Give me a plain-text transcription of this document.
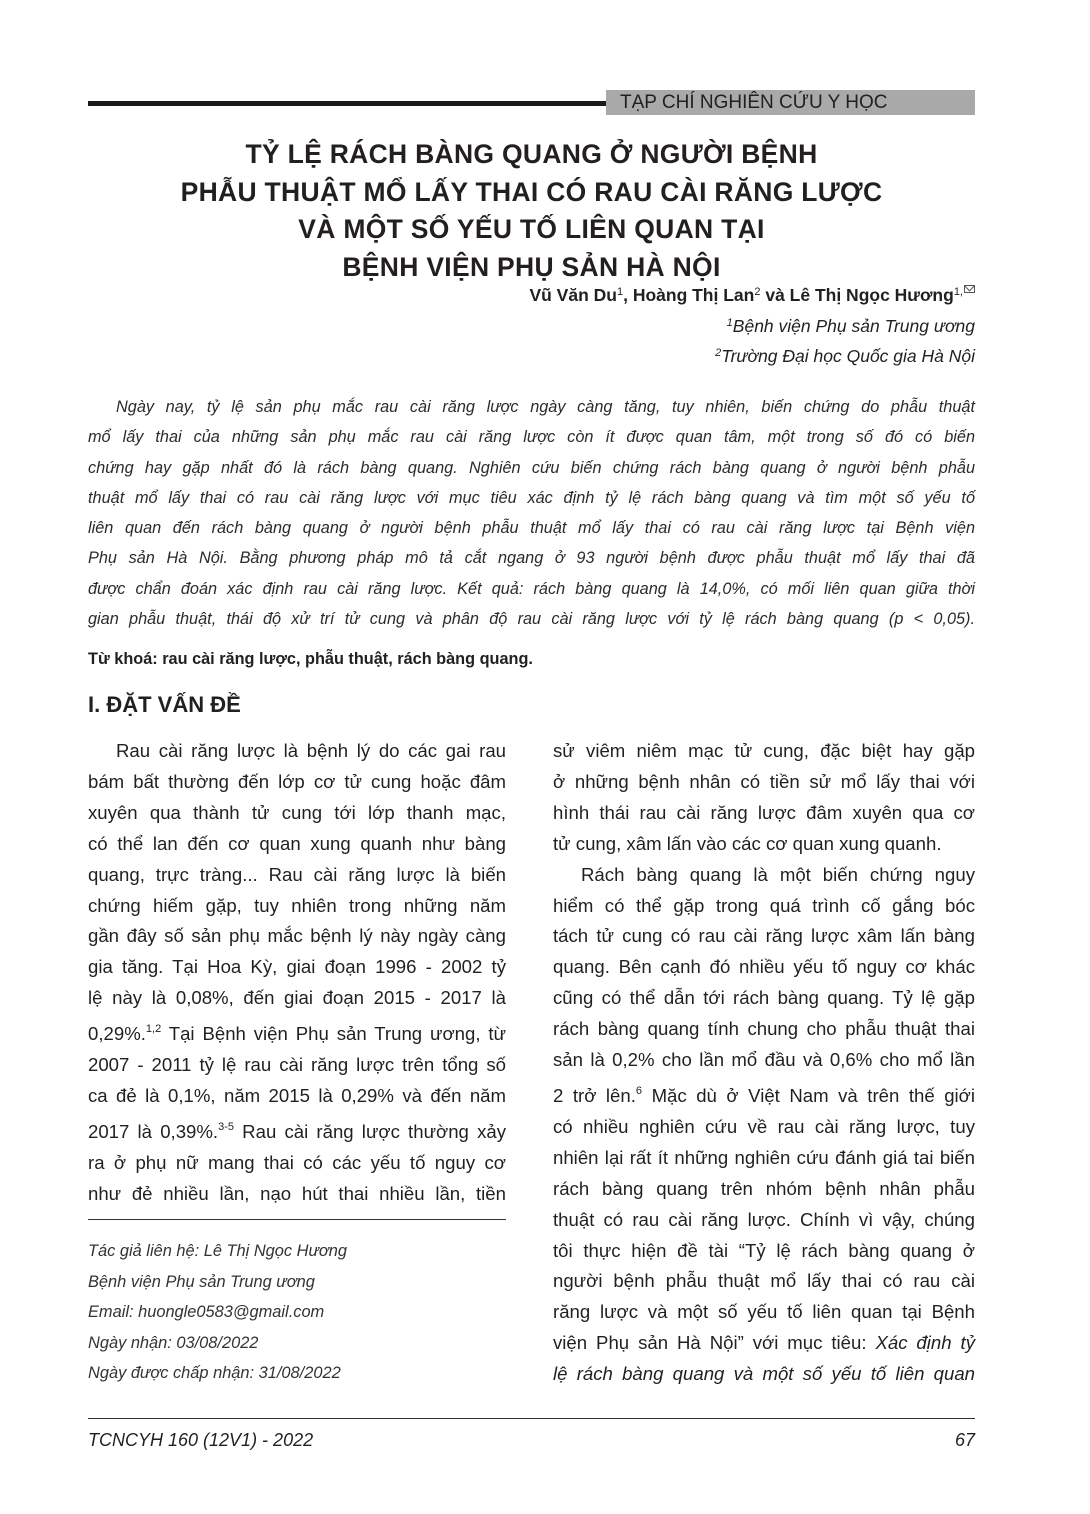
TẠP CHÍ NGHIÊN CỨU Y HỌC
TỶ LỆ RÁCH BÀNG QUANG Ở NGƯỜI BỆNH
PHẪU THUẬT MỔ LẤY THAI CÓ RAU CÀI RĂNG LƯỢC
VÀ MỘT SỐ YẾU TỐ LIÊN QUAN TẠI
BỆNH VIỆN PHỤ SẢN HÀ NỘI
Vũ Văn Du$^1$, Hoàng Thị Lan$^2$ và Lê Thị Ngọc Hương$^{1,}$
$^1$Bệnh viện Phụ sản Trung ương
$^2$Trường Đại học Quốc gia Hà Nội
Ngày nay, tỷ lệ sản phụ mắc rau cài răng lược ngày càng tăng, tuy nhiên, biến chứng do phẫu thuật
mổ lấy thai của những sản phụ mắc rau cài răng lược còn ít được quan tâm, một trong số đó có biến
chứng hay gặp nhất đó là rách bàng quang. Nghiên cứu biến chứng rách bàng quang ở người bệnh phẫu
thuật mổ lấy thai có rau cài răng lược với mục tiêu xác định tỷ lệ rách bàng quang và tìm một số yếu tố
liên quan đến rách bàng quang ở người bệnh phẫu thuật mổ lấy thai có rau cài răng lược tại Bệnh viện
Phụ sản Hà Nội. Bằng phương pháp mô tả cắt ngang ở 93 người bệnh được phẫu thuật mổ lấy thai đã
được chẩn đoán xác định rau cài răng lược. Kết quả: rách bàng quang là 14,0%, có mối liên quan giữa thời
gian phẫu thuật, thái độ xử trí tử cung và phân độ rau cài răng lược với tỷ lệ rách bàng quang (p < 0,05).
Từ khoá: rau cài răng lược, phẫu thuật, rách bàng quang.
I. ĐẶT VẤN ĐỀ
Rau cài răng lược là bệnh lý do các gai rau
bám bất thường đến lớp cơ tử cung hoặc đâm
xuyên qua thành tử cung tới lớp thanh mạc,
có thể lan đến cơ quan xung quanh như bàng
quang, trực tràng... Rau cài răng lược là biến
chứng hiếm gặp, tuy nhiên trong những năm
gần đây số sản phụ mắc bệnh lý này ngày càng
gia tăng. Tại Hoa Kỳ, giai đoạn 1996 - 2002 tỷ
lệ này là 0,08%, đến giai đoạn 2015 - 2017 là
0,29%.$^{1,2}$ Tại Bệnh viện Phụ sản Trung ương, từ
2007 - 2011 tỷ lệ rau cài răng lược trên tổng số
ca đẻ là 0,1%, năm 2015 là 0,29% và đến năm
2017 là 0,39%.$^{3-5}$ Rau cài răng lược thường xảy
ra ở phụ nữ mang thai có các yếu tố nguy cơ
như đẻ nhiều lần, nạo hút thai nhiều lần, tiền
sử viêm niêm mạc tử cung, đặc biệt hay gặp
ở những bệnh nhân có tiền sử mổ lấy thai với
hình thái rau cài răng lược đâm xuyên qua cơ
tử cung, xâm lấn vào các cơ quan xung quanh.
Rách bàng quang là một biến chứng nguy
hiểm có thể gặp trong quá trình cố gắng bóc
tách tử cung có rau cài răng lược xâm lấn bàng
quang. Bên cạnh đó nhiều yếu tố nguy cơ khác
cũng có thể dẫn tới rách bàng quang. Tỷ lệ gặp
rách bàng quang tính chung cho phẫu thuật thai
sản là 0,2% cho lần mổ đầu và 0,6% cho mổ lần
2 trở lên.$^6$ Mặc dù ở Việt Nam và trên thế giới
có nhiều nghiên cứu về rau cài răng lược, tuy
nhiên lại rất ít những nghiên cứu đánh giá tai biến
rách bàng quang trên nhóm bệnh nhân phẫu
thuật có rau cài răng lược. Chính vì vậy, chúng
tôi thực hiện đề tài “Tỷ lệ rách bàng quang ở
người bệnh phẫu thuật mổ lấy thai có rau cài
răng lược và một số yếu tố liên quan tại Bệnh
viện Phụ sản Hà Nội” với mục tiêu: Xác định tỷ
lệ rách bàng quang và một số yếu tố liên quan
Tác giả liên hệ: Lê Thị Ngọc Hương
Bệnh viện Phụ sản Trung ương
Email: huongle0583@gmail.com
Ngày nhận: 03/08/2022
Ngày được chấp nhận: 31/08/2022
TCNCYH 160 (12V1) - 2022	67
